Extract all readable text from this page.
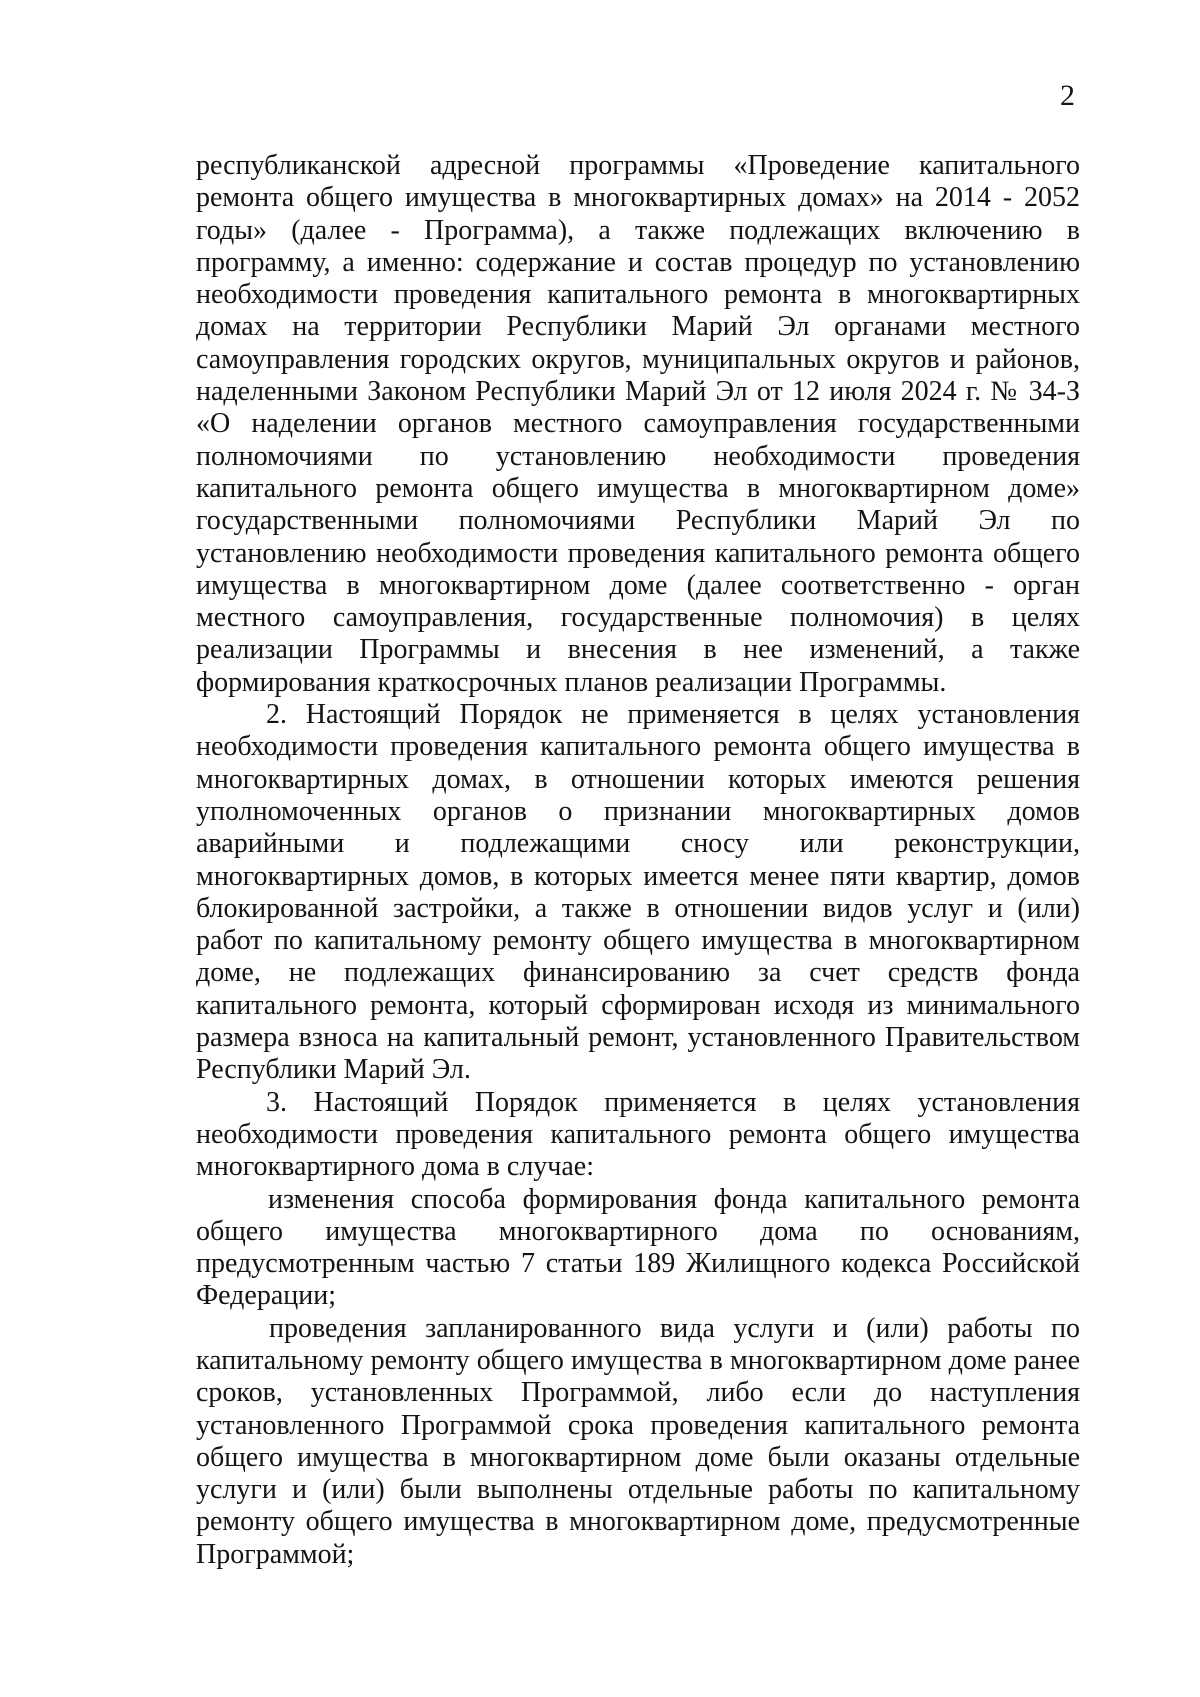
2

республиканской адресной программы «Проведение капитального ремонта общего имущества в многоквартирных домах» на 2014 - 2052 годы» (далее - Программа), а также подлежащих включению в программу, а именно: содержание и состав процедур по установлению необходимости проведения капитального ремонта в многоквартирных домах на территории Республики Марий Эл органами местного самоуправления городских округов, муниципальных округов и районов, наделенными Законом Республики Марий Эл от 12 июля 2024 г. № 34-З «О наделении органов местного самоуправления государственными полномочиями по установлению необходимости проведения капитального ремонта общего имущества в многоквартирном доме» государственными полномочиями Республики Марий Эл по установлению необходимости проведения капитального ремонта общего имущества в многоквартирном доме (далее соответственно - орган местного самоуправления, государственные полномочия) в целях реализации Программы и внесения в нее изменений, а также формирования краткосрочных планов реализации Программы.

2. Настоящий Порядок не применяется в целях установления необходимости проведения капитального ремонта общего имущества в многоквартирных домах, в отношении которых имеются решения уполномоченных органов о признании многоквартирных домов аварийными и подлежащими сносу или реконструкции, многоквартирных домов, в которых имеется менее пяти квартир, домов блокированной застройки, а также в отношении видов услуг и (или) работ по капитальному ремонту общего имущества в многоквартирном доме, не подлежащих финансированию за счет средств фонда капитального ремонта, который сформирован исходя из минимального размера взноса на капитальный ремонт, установленного Правительством Республики Марий Эл.

3. Настоящий Порядок применяется в целях установления необходимости проведения капитального ремонта общего имущества многоквартирного дома в случае:

изменения способа формирования фонда капитального ремонта общего имущества многоквартирного дома по основаниям, предусмотренным частью 7 статьи 189 Жилищного кодекса Российской Федерации;

проведения запланированного вида услуги и (или) работы по капитальному ремонту общего имущества в многоквартирном доме ранее сроков, установленных Программой, либо если до наступления установленного Программой срока проведения капитального ремонта общего имущества в многоквартирном доме были оказаны отдельные услуги и (или) были выполнены отдельные работы по капитальному ремонту общего имущества в многоквартирном доме, предусмотренные Программой;
